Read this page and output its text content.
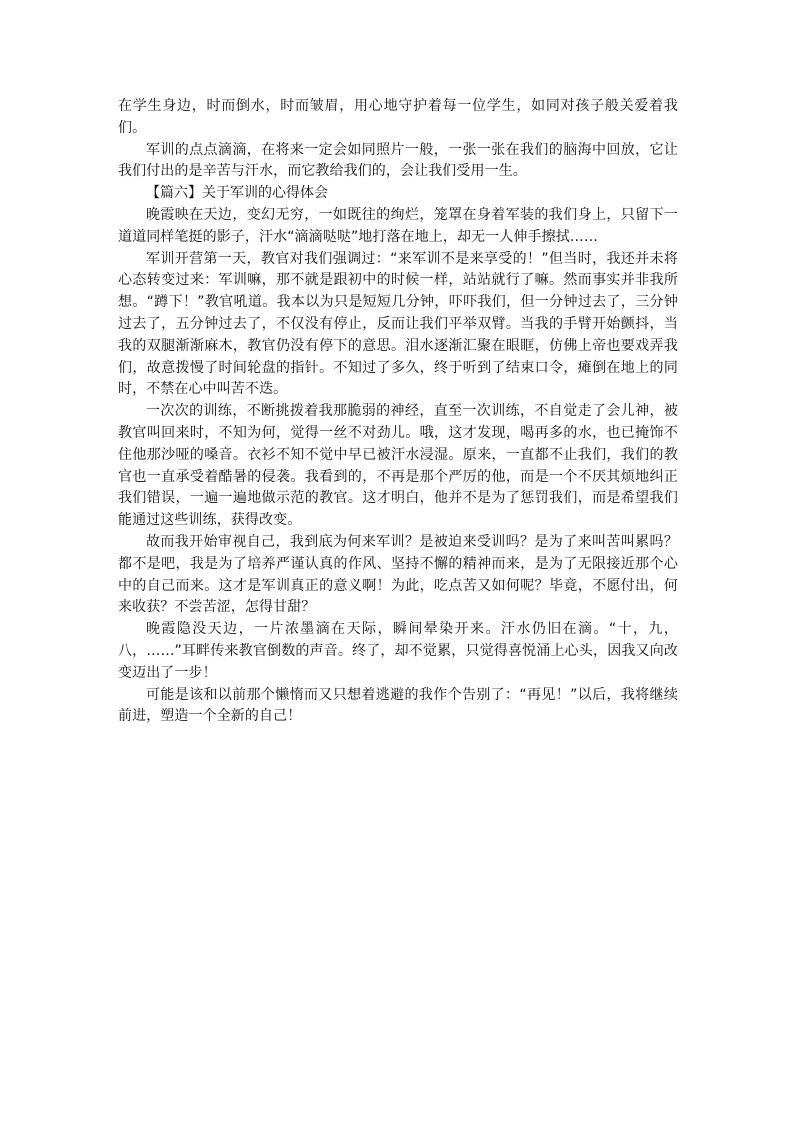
在学生身边，时而倒水，时而皱眉，用心地守护着每一位学生，如同对孩子般关爱着我们。

军训的点点滴滴，在将来一定会如同照片一般，一张一张在我们的脑海中回放，它让我们付出的是辛苦与汗水，而它教给我们的，会让我们受用一生。

【篇六】关于军训的心得体会

晚霞映在天边，变幻无穷，一如既往的绚烂，笼罩在身着军装的我们身上，只留下一道道同样笔挺的影子，汗水“滴滴哒哒”地打落在地上，却无一人伸手擦拭……

军训开营第一天，教官对我们强调过：“来军训不是来享受的！”但当时，我还并未将心态转变过来：军训嘛，那不就是跟初中的时候一样，站站就行了嘛。然而事实并非我所想。“蹲下！”教官吼道。我本以为只是短短几分钟，吓吓我们，但一分钟过去了，三分钟过去了，五分钟过去了，不仅没有停止，反而让我们平举双臂。当我的手臂开始颤抖，当我的双腿渐渐麻木，教官仍没有停下的意思。泪水逐渐汇聚在眼眶，仿佛上帝也要戏弄我们，故意拨慢了时间轮盘的指针。不知过了多久，终于听到了结束口令，瘫倒在地上的同时，不禁在心中叫苦不迭。

一次次的训练，不断挑拨着我那脆弱的神经，直至一次训练，不自觉走了会儿神，被教官叫回来时，不知为何，觉得一丝不对劲儿。哦，这才发现，喝再多的水，也已掩饰不住他那沙哑的嗓音。衣衫不知不觉中早已被汗水浸湿。原来，一直都不止我们，我们的教官也一直承受着酷暑的侵袭。我看到的，不再是那个严厉的他，而是一个不厌其烦地纠正我们错误，一遍一遍地做示范的教官。这才明白，他并不是为了惩罚我们，而是希望我们能通过这些训练，获得改变。

故而我开始审视自己，我到底为何来军训？是被迫来受训吗？是为了来叫苦叫累吗？都不是吧，我是为了培养严谨认真的作风、坚持不懈的精神而来，是为了无限接近那个心中的自己而来。这才是军训真正的意义啊！为此，吃点苦又如何呢？毕竟，不愿付出，何来收获？不尝苦涩，怎得甘甜？

晚霞隐没天边，一片浓墨滴在天际，瞬间晕染开来。汗水仍旧在滴。“十，九，八，……”耳畔传来教官倒数的声音。终了，却不觉累，只觉得喜悦涌上心头，因我又向改变迈出了一步！

可能是该和以前那个懒惰而又只想着逃避的我作个告别了：“再见！”以后，我将继续前进，塑造一个全新的自己！
